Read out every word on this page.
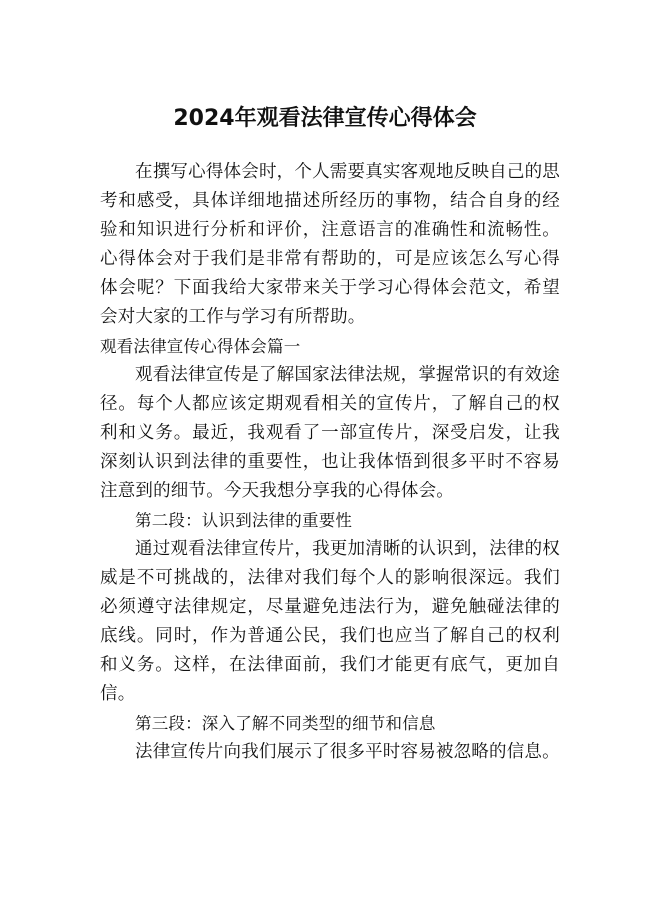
2024年观看法律宣传心得体会

在撰写心得体会时，个人需要真实客观地反映自己的思考和感受，具体详细地描述所经历的事物，结合自身的经验和知识进行分析和评价，注意语言的准确性和流畅性。心得体会对于我们是非常有帮助的，可是应该怎么写心得体会呢？下面我给大家带来关于学习心得体会范文，希望会对大家的工作与学习有所帮助。

观看法律宣传心得体会篇一

观看法律宣传是了解国家法律法规，掌握常识的有效途径。每个人都应该定期观看相关的宣传片，了解自己的权利和义务。最近，我观看了一部宣传片，深受启发，让我深刻认识到法律的重要性，也让我体悟到很多平时不容易注意到的细节。今天我想分享我的心得体会。

第二段：认识到法律的重要性

通过观看法律宣传片，我更加清晰的认识到，法律的权威是不可挑战的，法律对我们每个人的影响很深远。我们必须遵守法律规定，尽量避免违法行为，避免触碰法律的底线。同时，作为普通公民，我们也应当了解自己的权利和义务。这样，在法律面前，我们才能更有底气，更加自信。

第三段：深入了解不同类型的细节和信息

法律宣传片向我们展示了很多平时容易被忽略的信息。
